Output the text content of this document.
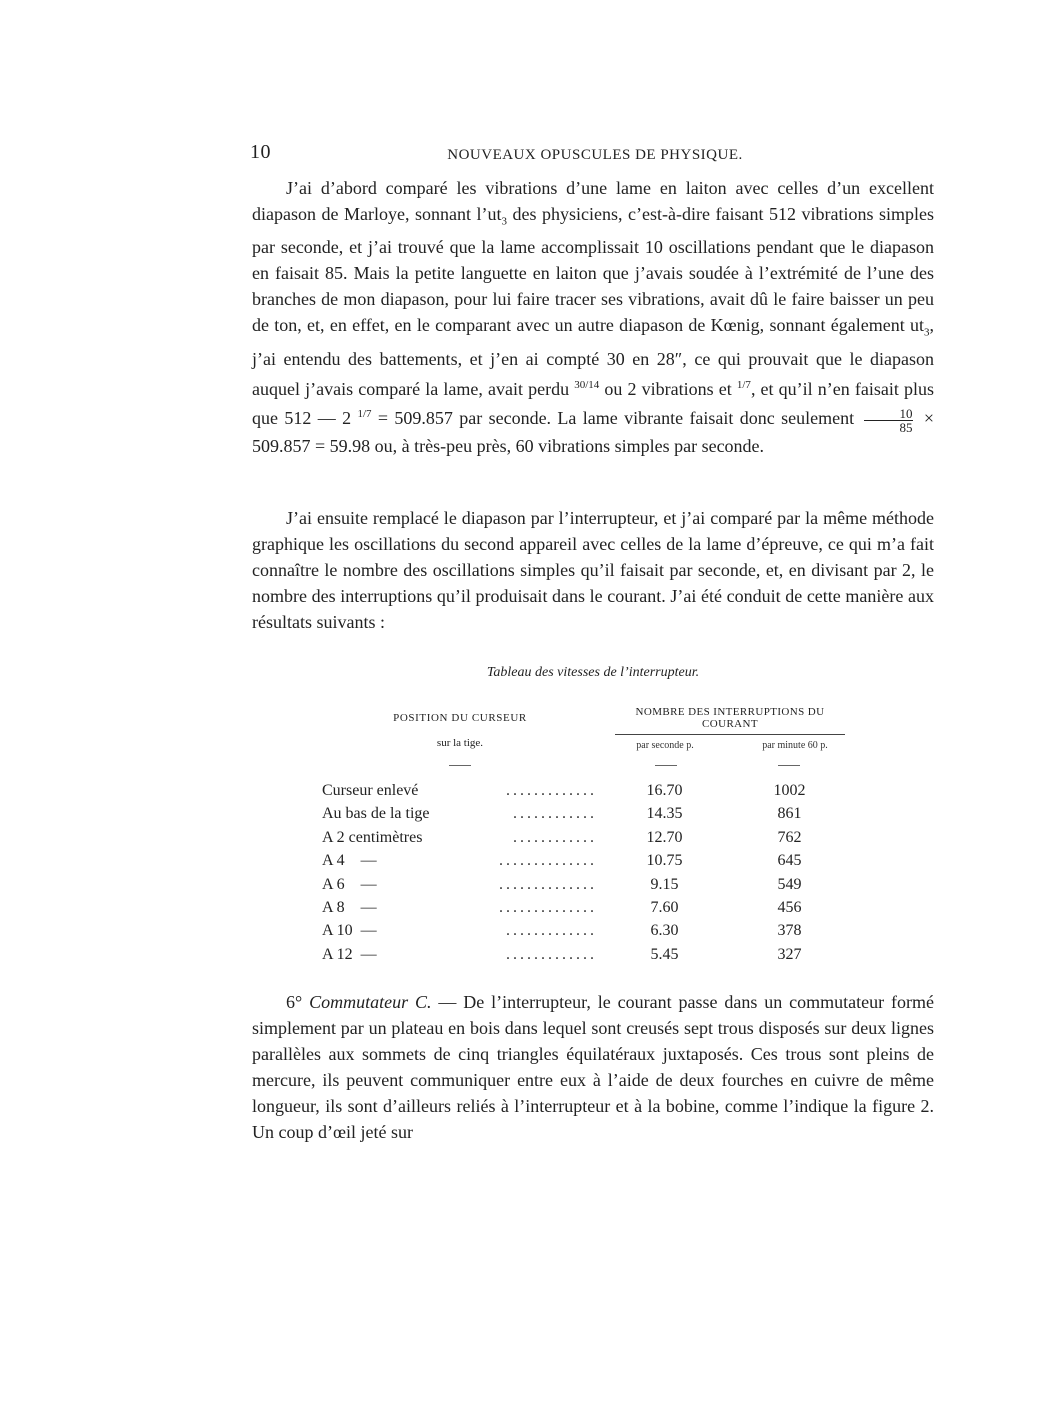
10	NOUVEAUX OPUSCULES DE PHYSIQUE.

J’ai d’abord comparé les vibrations d’une lame en laiton avec celles d’un excellent diapason de Marloye, sonnant $l’ut_3$ des physiciens, c’est-à-dire faisant 512 vibrations simples par seconde, et j’ai trouvé que la lame accomplissait 10 oscillations pendant que le diapason en faisait 85. Mais la petite languette en laiton que j’avais soudée à l’extrémité de l’une des branches de mon diapason, pour lui faire tracer ses vibrations, avait dû le faire baisser un peu de ton, et, en effet, en le comparant avec un autre diapason de Kœnig, sonnant également $ut_3$, j’ai entendu des battements, et j’en ai compté 30 en 28″, ce qui prouvait que le diapason auquel j’avais comparé la lame, avait perdu $^{30/14}$ ou 2 vibrations et $^{1/7}$, et qu’il n’en faisait plus que 512 — 2 $^{1/7}$ = 509.857 par seconde. La lame vibrante faisait donc seulement $\frac{10}{85} \times 509.857 = 59.98$ ou, à très-peu près, 60 vibrations simples par seconde.

J’ai ensuite remplacé le diapason par l’interrupteur, et j’ai comparé par la même méthode graphique les oscillations du second appareil avec celles de la lame d’épreuve, ce qui m’a fait connaître le nombre des oscillations simples qu’il faisait par seconde, et, en divisant par 2, le nombre des interruptions qu’il produisait dans le courant. J’ai été conduit de cette manière aux résultats suivants :

Tableau des vitesses de l’interrupteur.
POSITION DU CURSEUR
sur la tige.
NOMBRE DES INTERRUPTIONS DU COURANT
par seconde p.	par minute 60 p.
Curseur enlevé	.............	16.70	1002
Au bas de la tige	............	14.35	861
A 2 centimètres	............	12.70	762
A 4    —	..............	10.75	645
A 6    —	..............	9.15	549
A 8    —	..............	7.60	456
A 10  —	.............	6.30	378
A 12  —	.............	5.45	327

6° Commutateur C. — De l’interrupteur, le courant passe dans un commutateur formé simplement par un plateau en bois dans lequel sont creusés sept trous disposés sur deux lignes parallèles aux sommets de cinq triangles équilatéraux juxtaposés. Ces trous sont pleins de mercure, ils peuvent communiquer entre eux à l’aide de deux fourches en cuivre de même longueur, ils sont d’ailleurs reliés à l’interrupteur et à la bobine, comme l’indique la figure 2. Un coup d’œil jeté sur
